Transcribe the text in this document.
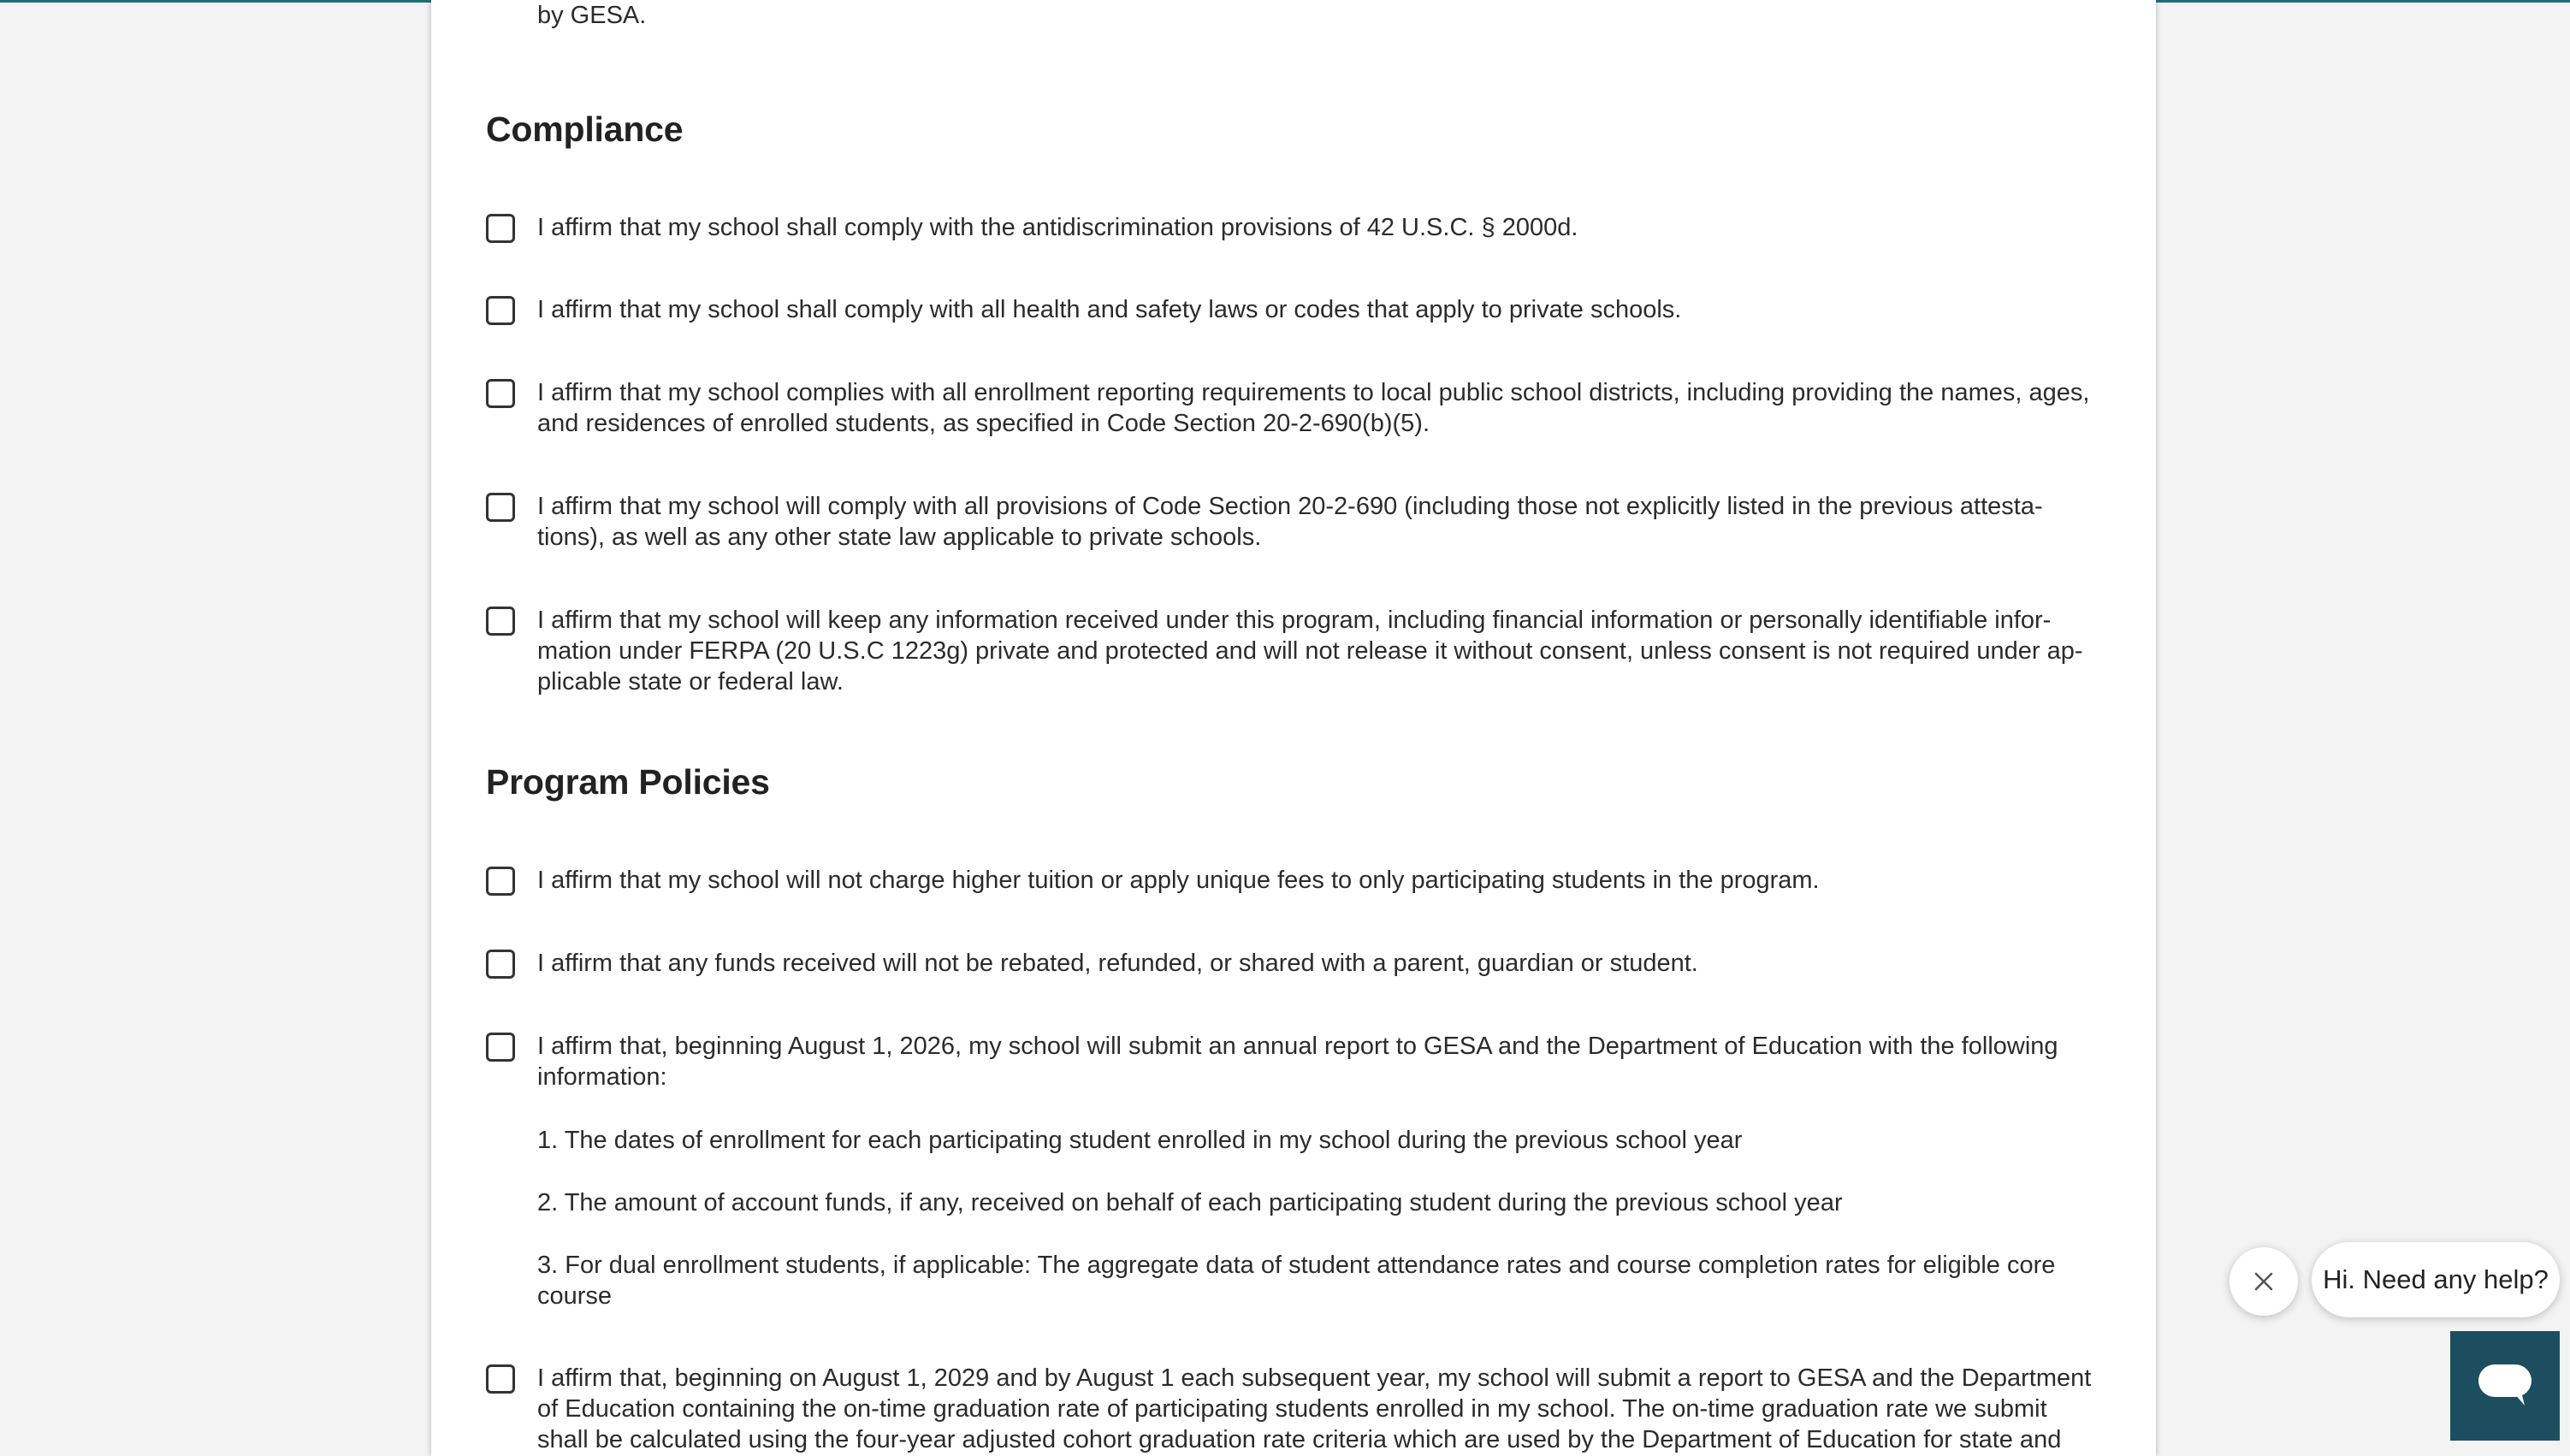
by GESA.

Compliance

I affirm that my school shall comply with the antidiscrimination provisions of 42 U.S.C. § 2000d.

I affirm that my school shall comply with all health and safety laws or codes that apply to private schools.

I affirm that my school complies with all enrollment reporting requirements to local public school districts, including providing the names, ages, and residences of enrolled students, as specified in Code Section 20-2-690(b)(5).

I affirm that my school will comply with all provisions of Code Section 20-2-690 (including those not explicitly listed in the previous attesta- tions), as well as any other state law applicable to private schools.

I affirm that my school will keep any information received under this program, including financial information or personally identifiable infor- mation under FERPA (20 U.S.C 1223g) private and protected and will not release it without consent, unless consent is not required under ap- plicable state or federal law.

Program Policies

I affirm that my school will not charge higher tuition or apply unique fees to only participating students in the program.

I affirm that any funds received will not be rebated, refunded, or shared with a parent, guardian or student.

I affirm that, beginning August 1, 2026, my school will submit an annual report to GESA and the Department of Education with the following information:

1. The dates of enrollment for each participating student enrolled in my school during the previous school year

2. The amount of account funds, if any, received on behalf of each participating student during the previous school year

3. For dual enrollment students, if applicable: The aggregate data of student attendance rates and course completion rates for eligible core course

I affirm that, beginning on August 1, 2029 and by August 1 each subsequent year, my school will submit a report to GESA and the Department of Education containing the on-time graduation rate of participating students enrolled in my school. The on-time graduation rate we submit shall be calculated using the four-year adjusted cohort graduation rate criteria which are used by the Department of Education for state and

Hi. Need any help?
